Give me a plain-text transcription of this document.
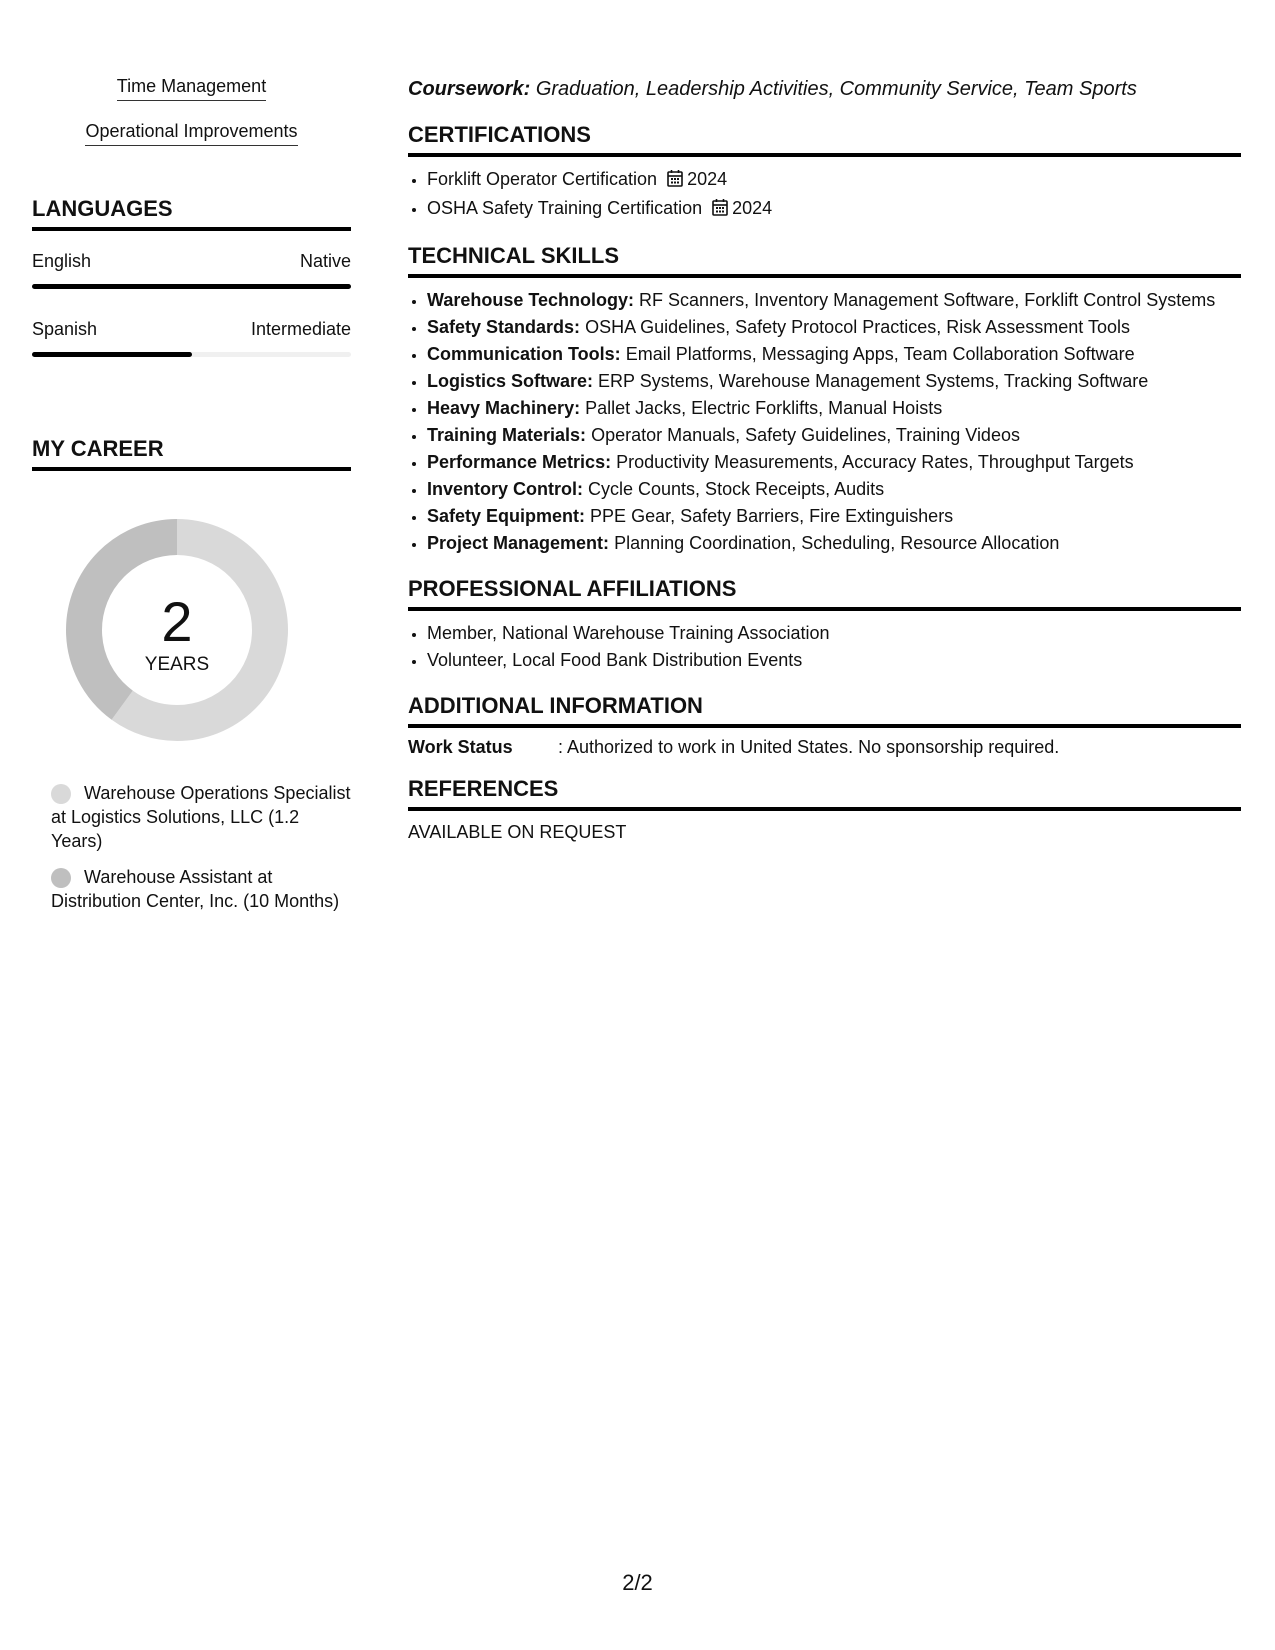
Time Management
Operational Improvements
LANGUAGES
English	Native
Spanish	Intermediate
MY CAREER
2
YEARS
Warehouse Operations Specialist at Logistics Solutions, LLC (1.2 Years)
Warehouse Assistant at Distribution Center, Inc. (10 Months)

Coursework: Graduation, Leadership Activities, Community Service, Team Sports

CERTIFICATIONS
• Forklift Operator Certification 2024
• OSHA Safety Training Certification 2024
TECHNICAL SKILLS
• Warehouse Technology: RF Scanners, Inventory Management Software, Forklift Control Systems
• Safety Standards: OSHA Guidelines, Safety Protocol Practices, Risk Assessment Tools
• Communication Tools: Email Platforms, Messaging Apps, Team Collaboration Software
• Logistics Software: ERP Systems, Warehouse Management Systems, Tracking Software
• Heavy Machinery: Pallet Jacks, Electric Forklifts, Manual Hoists
• Training Materials: Operator Manuals, Safety Guidelines, Training Videos
• Performance Metrics: Productivity Measurements, Accuracy Rates, Throughput Targets
• Inventory Control: Cycle Counts, Stock Receipts, Audits
• Safety Equipment: PPE Gear, Safety Barriers, Fire Extinguishers
• Project Management: Planning Coordination, Scheduling, Resource Allocation
PROFESSIONAL AFFILIATIONS
• Member, National Warehouse Training Association
• Volunteer, Local Food Bank Distribution Events
ADDITIONAL INFORMATION
Work Status	: Authorized to work in United States. No sponsorship required.
REFERENCES
AVAILABLE ON REQUEST
2/2
